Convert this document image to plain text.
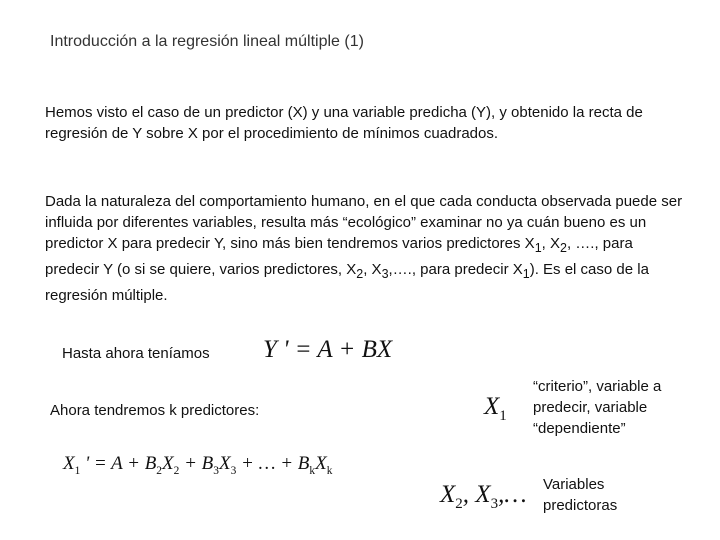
Introducción a la regresión lineal múltiple (1)
Hemos visto el caso de un predictor (X) y una variable predicha (Y), y obtenido la recta de regresión de Y sobre X por el procedimiento de mínimos cuadrados.
Dada la naturaleza del comportamiento humano, en el que cada conducta observada puede ser influida por diferentes variables, resulta más “ecológico” examinar no ya cuán bueno es un predictor X para predecir Y, sino más bien tendremos varios predictores $X_1$, $X_2$, …., para predecir Y (o si se quiere, varios predictores, $X_2$, $X_3,\dots$., para predecir $X_1$). Es el caso de la regresión múltiple.
Hasta ahora teníamos Y ' = A + BX
Ahora tendremos k predictores:	$X_1$
“criterio”, variable a predecir, variable “dependiente”
$X_1$ ' = $A + B_2X_2 + B_3X_3$ + … + $B_kX_k$
$X_2$, $X_3,\dots$ Variables predictoras
